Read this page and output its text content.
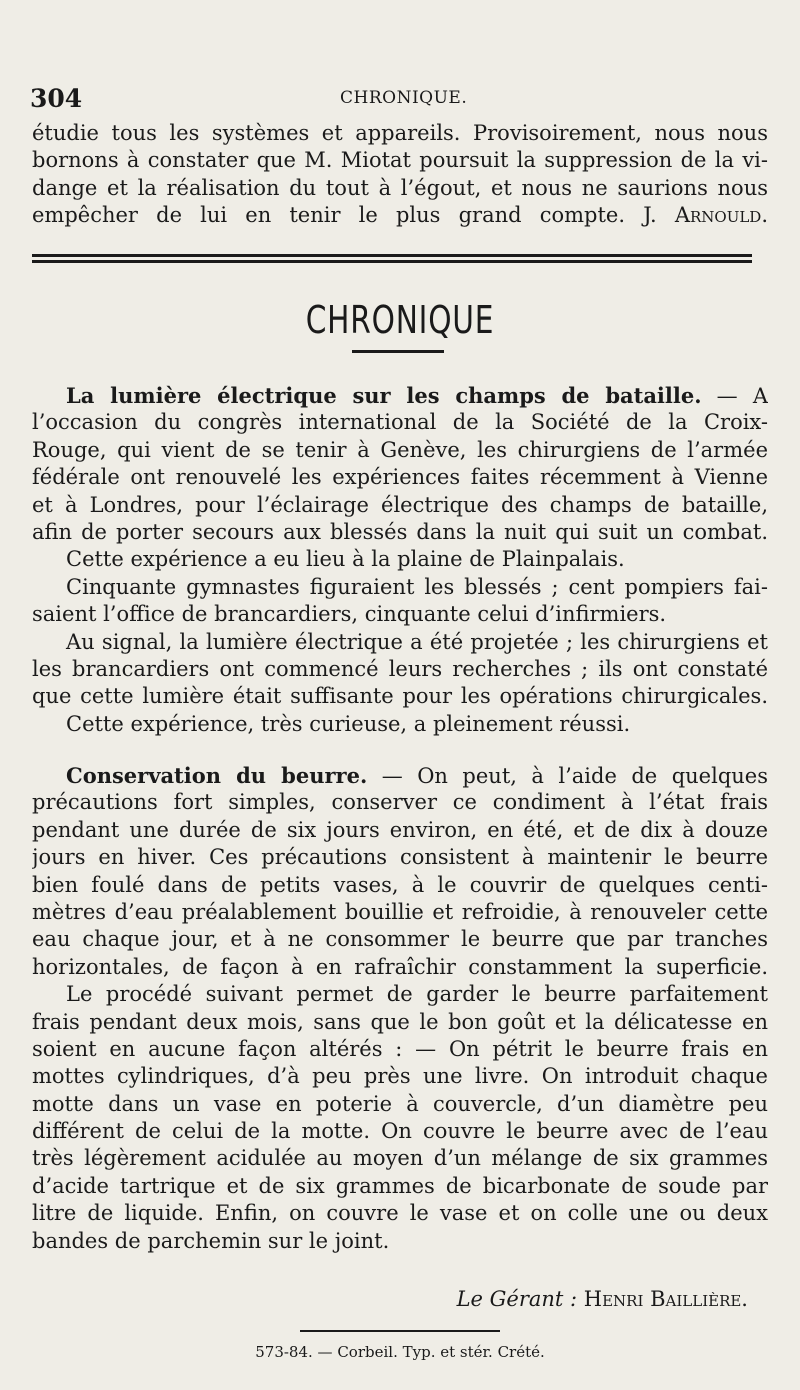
304	CHRONIQUE.
étudie tous les systèmes et appareils. Provisoirement, nous nous
bornons à constater que M. Miotat poursuit la suppression de la vi-
dange et la réalisation du tout à l’égout, et nous ne saurions nous
empêcher de lui en tenir le plus grand compte. J. Arnould.
CHRONIQUE
La lumière électrique sur les champs de bataille. — A
l’occasion du congrès international de la Société de la Croix-
Rouge, qui vient de se tenir à Genève, les chirurgiens de l’armée
fédérale ont renouvelé les expériences faites récemment à Vienne
et à Londres, pour l’éclairage électrique des champs de bataille,
afin de porter secours aux blessés dans la nuit qui suit un combat.
Cette expérience a eu lieu à la plaine de Plainpalais.
Cinquante gymnastes figuraient les blessés ; cent pompiers fai-
saient l’office de brancardiers, cinquante celui d’infirmiers.
Au signal, la lumière électrique a été projetée ; les chirurgiens et
les brancardiers ont commencé leurs recherches ; ils ont constaté
que cette lumière était suffisante pour les opérations chirurgicales.
Cette expérience, très curieuse, a pleinement réussi.
Conservation du beurre. — On peut, à l’aide de quelques
précautions fort simples, conserver ce condiment à l’état frais
pendant une durée de six jours environ, en été, et de dix à douze
jours en hiver. Ces précautions consistent à maintenir le beurre
bien foulé dans de petits vases, à le couvrir de quelques centi-
mètres d’eau préalablement bouillie et refroidie, à renouveler cette
eau chaque jour, et à ne consommer le beurre que par tranches
horizontales, de façon à en rafraîchir constamment la superficie.
Le procédé suivant permet de garder le beurre parfaitement
frais pendant deux mois, sans que le bon goût et la délicatesse en
soient en aucune façon altérés : — On pétrit le beurre frais en
mottes cylindriques, d’à peu près une livre. On introduit chaque
motte dans un vase en poterie à couvercle, d’un diamètre peu
différent de celui de la motte. On couvre le beurre avec de l’eau
très légèrement acidulée au moyen d’un mélange de six grammes
d’acide tartrique et de six grammes de bicarbonate de soude par
litre de liquide. Enfin, on couvre le vase et on colle une ou deux
bandes de parchemin sur le joint.
Le Gérant : Henri Baillière.
573-84. — Corbeil. Typ. et stér. Crété.
